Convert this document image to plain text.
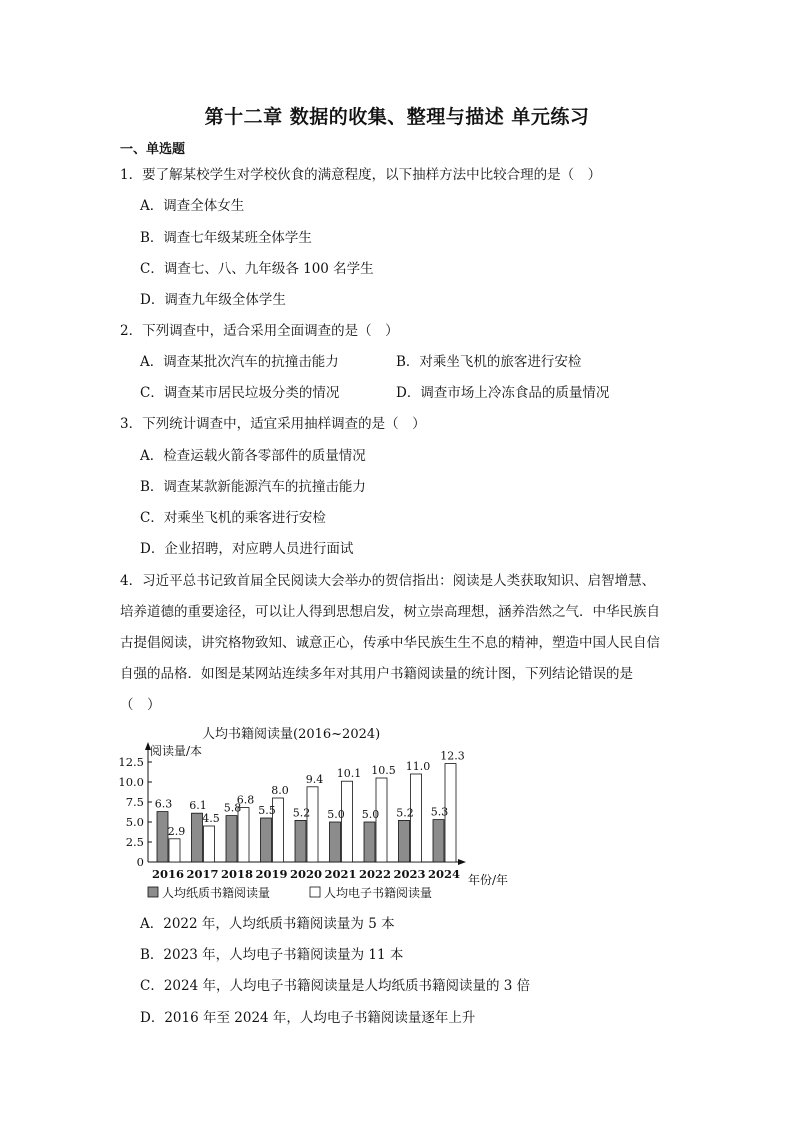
第十二章 数据的收集、整理与描述 单元练习
一、单选题
1．要了解某校学生对学校伙食的满意程度，以下抽样方法中比较合理的是（　）
A．调查全体女生
B．调查七年级某班全体学生
C．调查七、八、九年级各 100 名学生
D．调查九年级全体学生
2．下列调查中，适合采用全面调查的是（　）
A．调查某批次汽车的抗撞击能力	B．对乘坐飞机的旅客进行安检
C．调查某市居民垃圾分类的情况	D．调查市场上冷冻食品的质量情况
3．下列统计调查中，适宜采用抽样调查的是（　）
A．检查运载火箭各零部件的质量情况
B．调查某款新能源汽车的抗撞击能力
C．对乘坐飞机的乘客进行安检
D．企业招聘，对应聘人员进行面试
4．习近平总书记致首届全民阅读大会举办的贺信指出：阅读是人类获取知识、启智增慧、
培养道德的重要途径，可以让人得到思想启发，树立崇高理想，涵养浩然之气．中华民族自
古提倡阅读，讲究格物致知、诚意正心，传承中华民族生生不息的精神，塑造中国人民自信
自强的品格．如图是某网站连续多年对其用户书籍阅读量的统计图，下列结论错误的是
（　）
人均书籍阅读量(2016~2024)
阅读量/本
年份/年
0
2.5
5.0
7.5
10.0
12.5
6.3
2.9
2016
6.1
4.5
2017
5.8
6.8
2018
5.5
8.0
2019
5.2
9.4
2020
5.0
10.1
2021
5.0
10.5
2022
5.2
11.0
2023
5.3
12.3
2024
人均纸质书籍阅读量	人均电子书籍阅读量
A．2022 年，人均纸质书籍阅读量为 5 本
B．2023 年，人均电子书籍阅读量为 11 本
C．2024 年，人均电子书籍阅读量是人均纸质书籍阅读量的 3 倍
D．2016 年至 2024 年，人均电子书籍阅读量逐年上升
